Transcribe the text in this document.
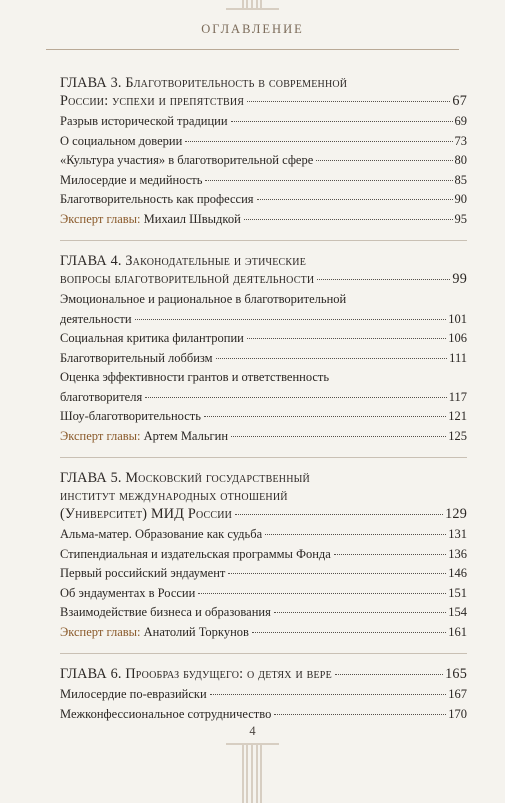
ОГЛАВЛЕНИЕ
ГЛАВА 3. Благотворительность в современной
России: успехи и препятствия	67
Разрыв исторической традиции	69
О социальном доверии	73
«Культура участия» в благотворительной сфере	80
Милосердие и медийность	85
Благотворительность как профессия	90
Эксперт главы: Михаил Швыдкой	95
ГЛАВА 4. Законодательные и этические
вопросы благотворительной деятельности	99
Эмоциональное и рациональное в благотворительной
деятельности	101
Социальная критика филантропии	106
Благотворительный лоббизм	111
Оценка эффективности грантов и ответственность
благотворителя	117
Шоу-благотворительность	121
Эксперт главы: Артем Мальгин	125
ГЛАВА 5. Московский государственный
институт международных отношений
(Университет) МИД России	129
Альма-матер. Образование как судьба	131
Стипендиальная и издательская программы Фонда	136
Первый российский эндаумент	146
Об эндаументах в России	151
Взаимодействие бизнеса и образования	154
Эксперт главы: Анатолий Торкунов	161
ГЛАВА 6. Прообраз будущего: о детях и вере	165
Милосердие по-евразийски	167
Межконфессиональное сотрудничество	170
4
